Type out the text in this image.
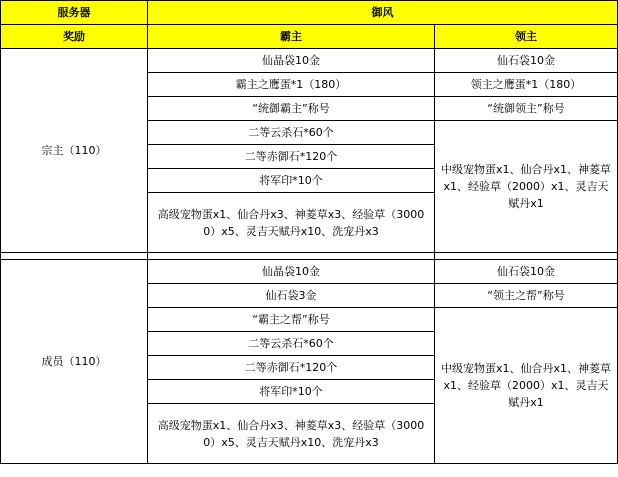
服务器	御风	
奖励	霸主	领主
宗主（110）	仙晶袋10金	仙石袋10金
	霸主之鹰蛋*1（180）	领主之鹰蛋*1（180）
	“统御霸主”称号	“统御领主”称号
	二等云杀石*60个	中级宠物蛋x1、仙合丹x1、神菱草x1、经验草（2000）x1、灵吉天赋丹x1
	二等赤御石*120个	
	将军印*10个	
	高级宠物蛋x1、仙合丹x3、神菱草x3、经验草（30000）x5、灵吉天赋丹x10、洗宠丹x3	

成员（110）	仙晶袋10金	仙石袋10金
	仙石袋3金	“领主之帮”称号
	“霸主之帮”称号	中级宠物蛋x1、仙合丹x1、神菱草x1、经验草（2000）x1、灵吉天赋丹x1
	二等云杀石*60个	
	二等赤御石*120个	
	将军印*10个	
	高级宠物蛋x1、仙合丹x3、神菱草x3、经验草（30000）x5、灵吉天赋丹x10、洗宠丹x3	
